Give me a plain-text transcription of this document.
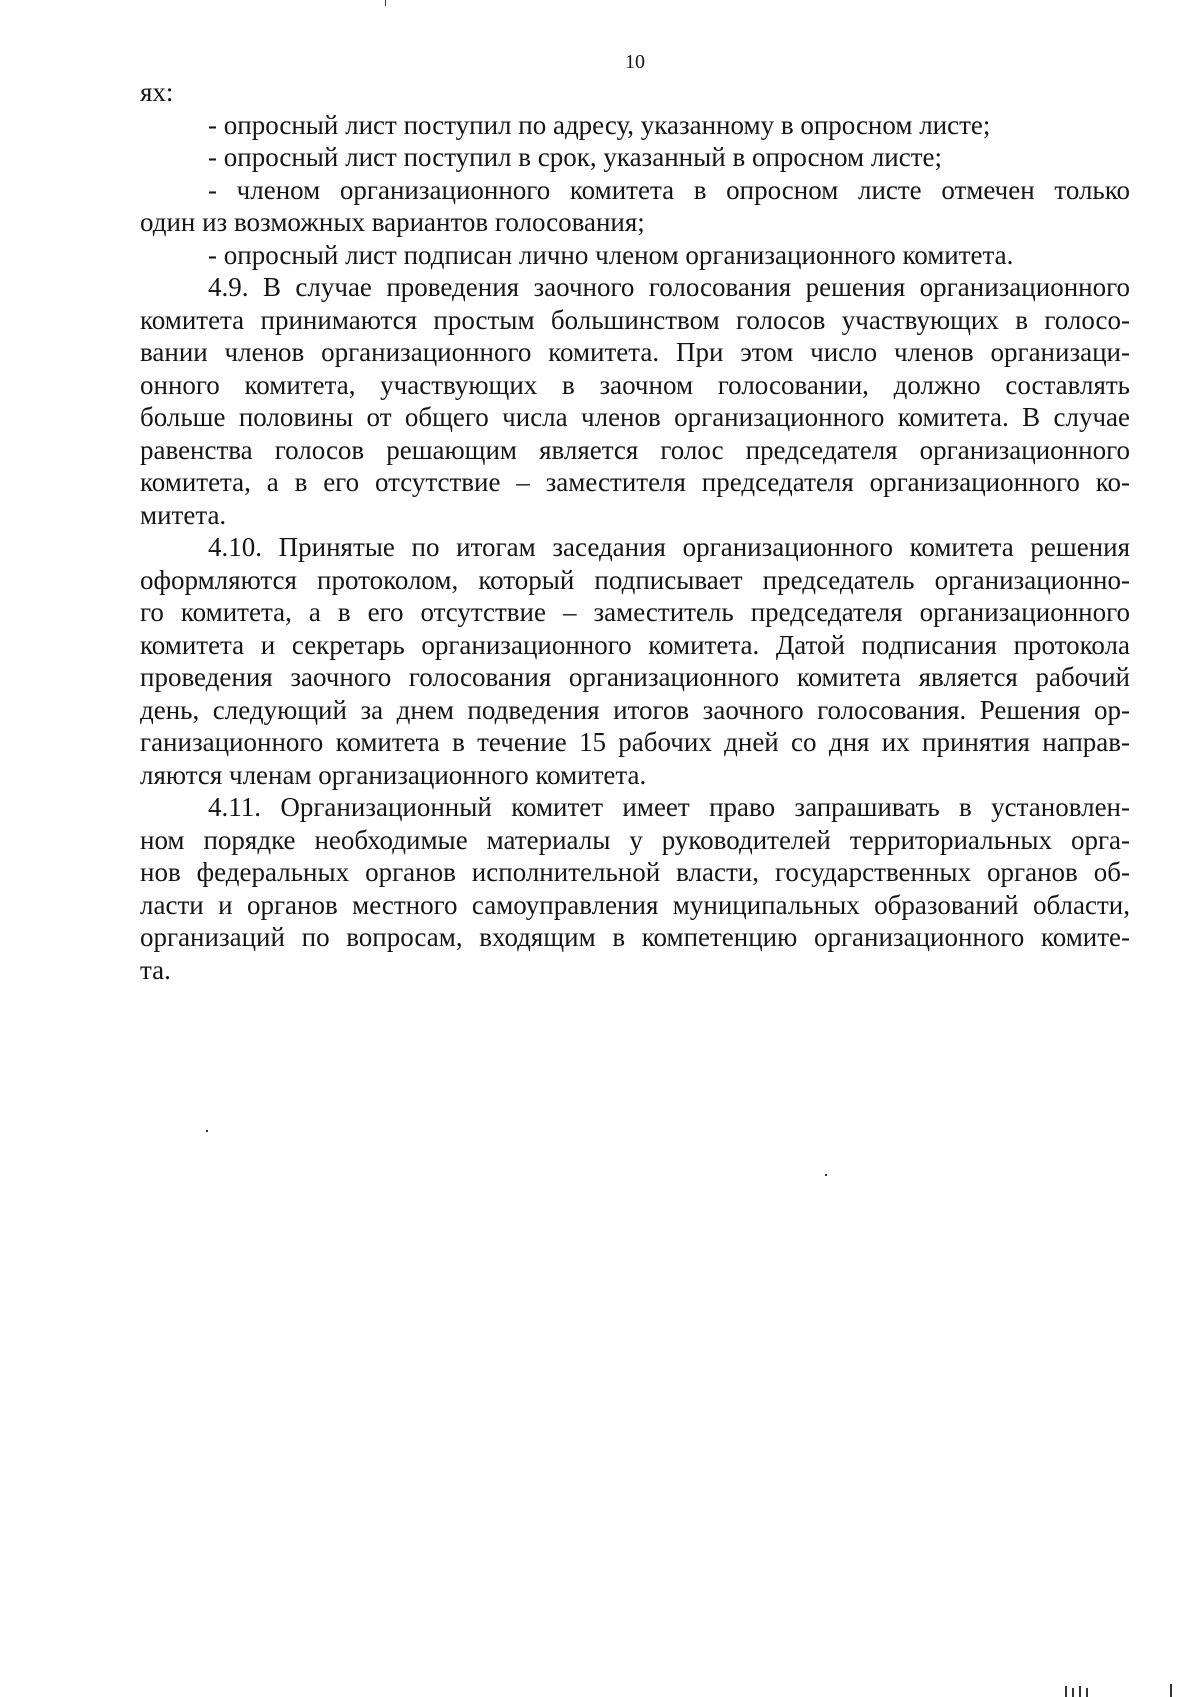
10
ях:
- опросный лист поступил по адресу, указанному в опросном листе;
- опросный лист поступил в срок, указанный в опросном листе;
- членом организационного комитета в опросном листе отмечен только
один из возможных вариантов голосования;
- опросный лист подписан лично членом организационного комитета.
4.9. В случае проведения заочного голосования решения организационного
комитета принимаются простым большинством голосов участвующих в голосо-
вании членов организационного комитета. При этом число членов организаци-
онного комитета, участвующих в заочном голосовании, должно составлять
больше половины от общего числа членов организационного комитета. В случае
равенства голосов решающим является голос председателя организационного
комитета, а в его отсутствие – заместителя председателя организационного ко-
митета.
4.10. Принятые по итогам заседания организационного комитета решения
оформляются протоколом, который подписывает председатель организационно-
го комитета, а в его отсутствие – заместитель председателя организационного
комитета и секретарь организационного комитета. Датой подписания протокола
проведения заочного голосования организационного комитета является рабочий
день, следующий за днем подведения итогов заочного голосования. Решения ор-
ганизационного комитета в течение 15 рабочих дней со дня их принятия направ-
ляются членам организационного комитета.
4.11. Организационный комитет имеет право запрашивать в установлен-
ном порядке необходимые материалы у руководителей территориальных орга-
нов федеральных органов исполнительной власти, государственных органов об-
ласти и органов местного самоуправления муниципальных образований области,
организаций по вопросам, входящим в компетенцию организационного комите-
та.
